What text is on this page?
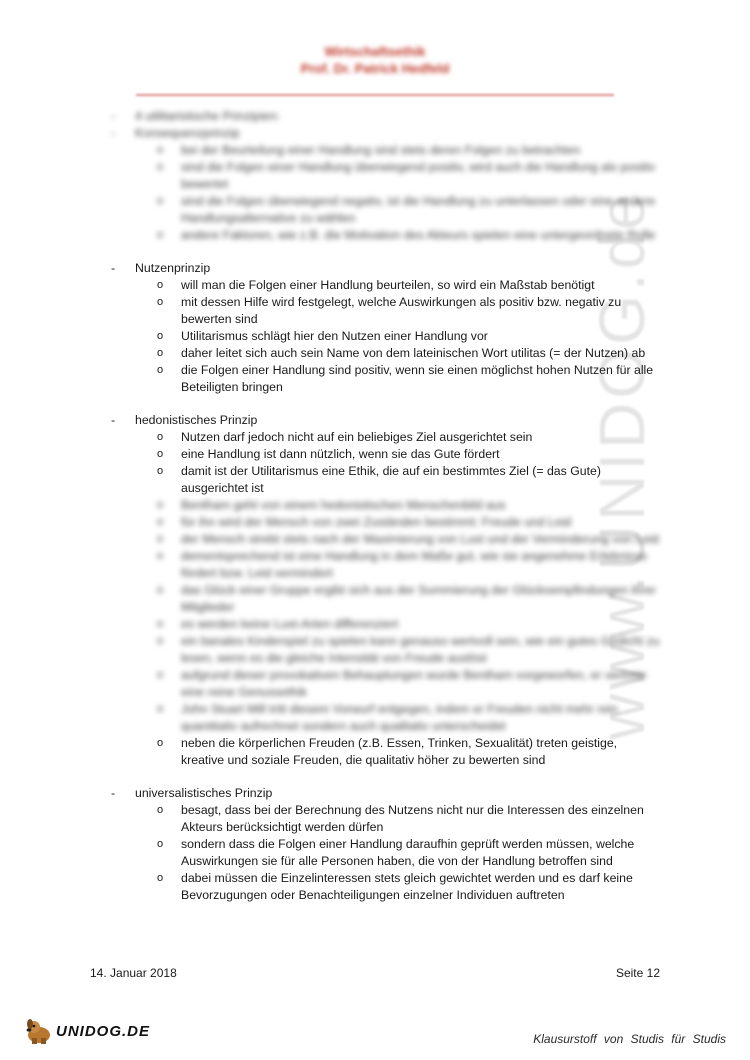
Wirtschaftsethik
Prof. Dr. Patrick Hedfeld
www.UNIDOG.de
- 4 utilitaristische Prinzipien:
- Konsequenzprinzip
o bei der Beurteilung einer Handlung sind stets deren Folgen zu betrachten
o sind die Folgen einer Handlung überwiegend positiv, wird auch die Handlung als positiv bewertet
o sind die Folgen überwiegend negativ, ist die Handlung zu unterlassen oder eine andere Handlungsalternative zu wählen
o andere Faktoren, wie z.B. die Motivation des Akteurs spielen eine untergeordnete Rolle
- Nutzenprinzip
o will man die Folgen einer Handlung beurteilen, so wird ein Maßstab benötigt
o mit dessen Hilfe wird festgelegt, welche Auswirkungen als positiv bzw. negativ zu bewerten sind
o Utilitarismus schlägt hier den Nutzen einer Handlung vor
o daher leitet sich auch sein Name von dem lateinischen Wort utilitas (= der Nutzen) ab
o die Folgen einer Handlung sind positiv, wenn sie einen möglichst hohen Nutzen für alle Beteiligten bringen
- hedonistisches Prinzip
o Nutzen darf jedoch nicht auf ein beliebiges Ziel ausgerichtet sein
o eine Handlung ist dann nützlich, wenn sie das Gute fördert
o damit ist der Utilitarismus eine Ethik, die auf ein bestimmtes Ziel (= das Gute) ausgerichtet ist
o Bentham geht von einem hedonistischen Menschenbild aus
o für ihn wird der Mensch von zwei Zuständen bestimmt: Freude und Leid
o der Mensch strebt stets nach der Maximierung von Lust und der Verminderung von Leid
o dementsprechend ist eine Handlung in dem Maße gut, wie sie angenehme Erlebnisse fördert bzw. Leid vermindert
o das Glück einer Gruppe ergibt sich aus der Summierung der Glücksempfindungen ihrer Mitglieder
o es werden keine Lust-Arten differenziert
o ein banales Kinderspiel zu spielen kann genauso wertvoll sein, wie ein gutes Gedicht zu lesen, wenn es die gleiche Intensität von Freude auslöst
o aufgrund dieser provokativen Behauptungen wurde Bentham vorgeworfen, er vertrete eine reine Genussethik
o John Stuart Mill tritt diesem Vorwurf entgegen, indem er Freuden nicht mehr rein quantitativ aufrechnet sondern auch qualitativ unterscheidet
o neben die körperlichen Freuden (z.B. Essen, Trinken, Sexualität) treten geistige, kreative und soziale Freuden, die qualitativ höher zu bewerten sind
- universalistisches Prinzip
o besagt, dass bei der Berechnung des Nutzens nicht nur die Interessen des einzelnen Akteurs berücksichtigt werden dürfen
o sondern dass die Folgen einer Handlung daraufhin geprüft werden müssen, welche Auswirkungen sie für alle Personen haben, die von der Handlung betroffen sind
o dabei müssen die Einzelinteressen stets gleich gewichtet werden und es darf keine Bevorzugungen oder Benachteiligungen einzelner Individuen auftreten
14. Januar 2018	Seite 12
UNIDOG.DE	Klausurstoff von Studis für Studis
